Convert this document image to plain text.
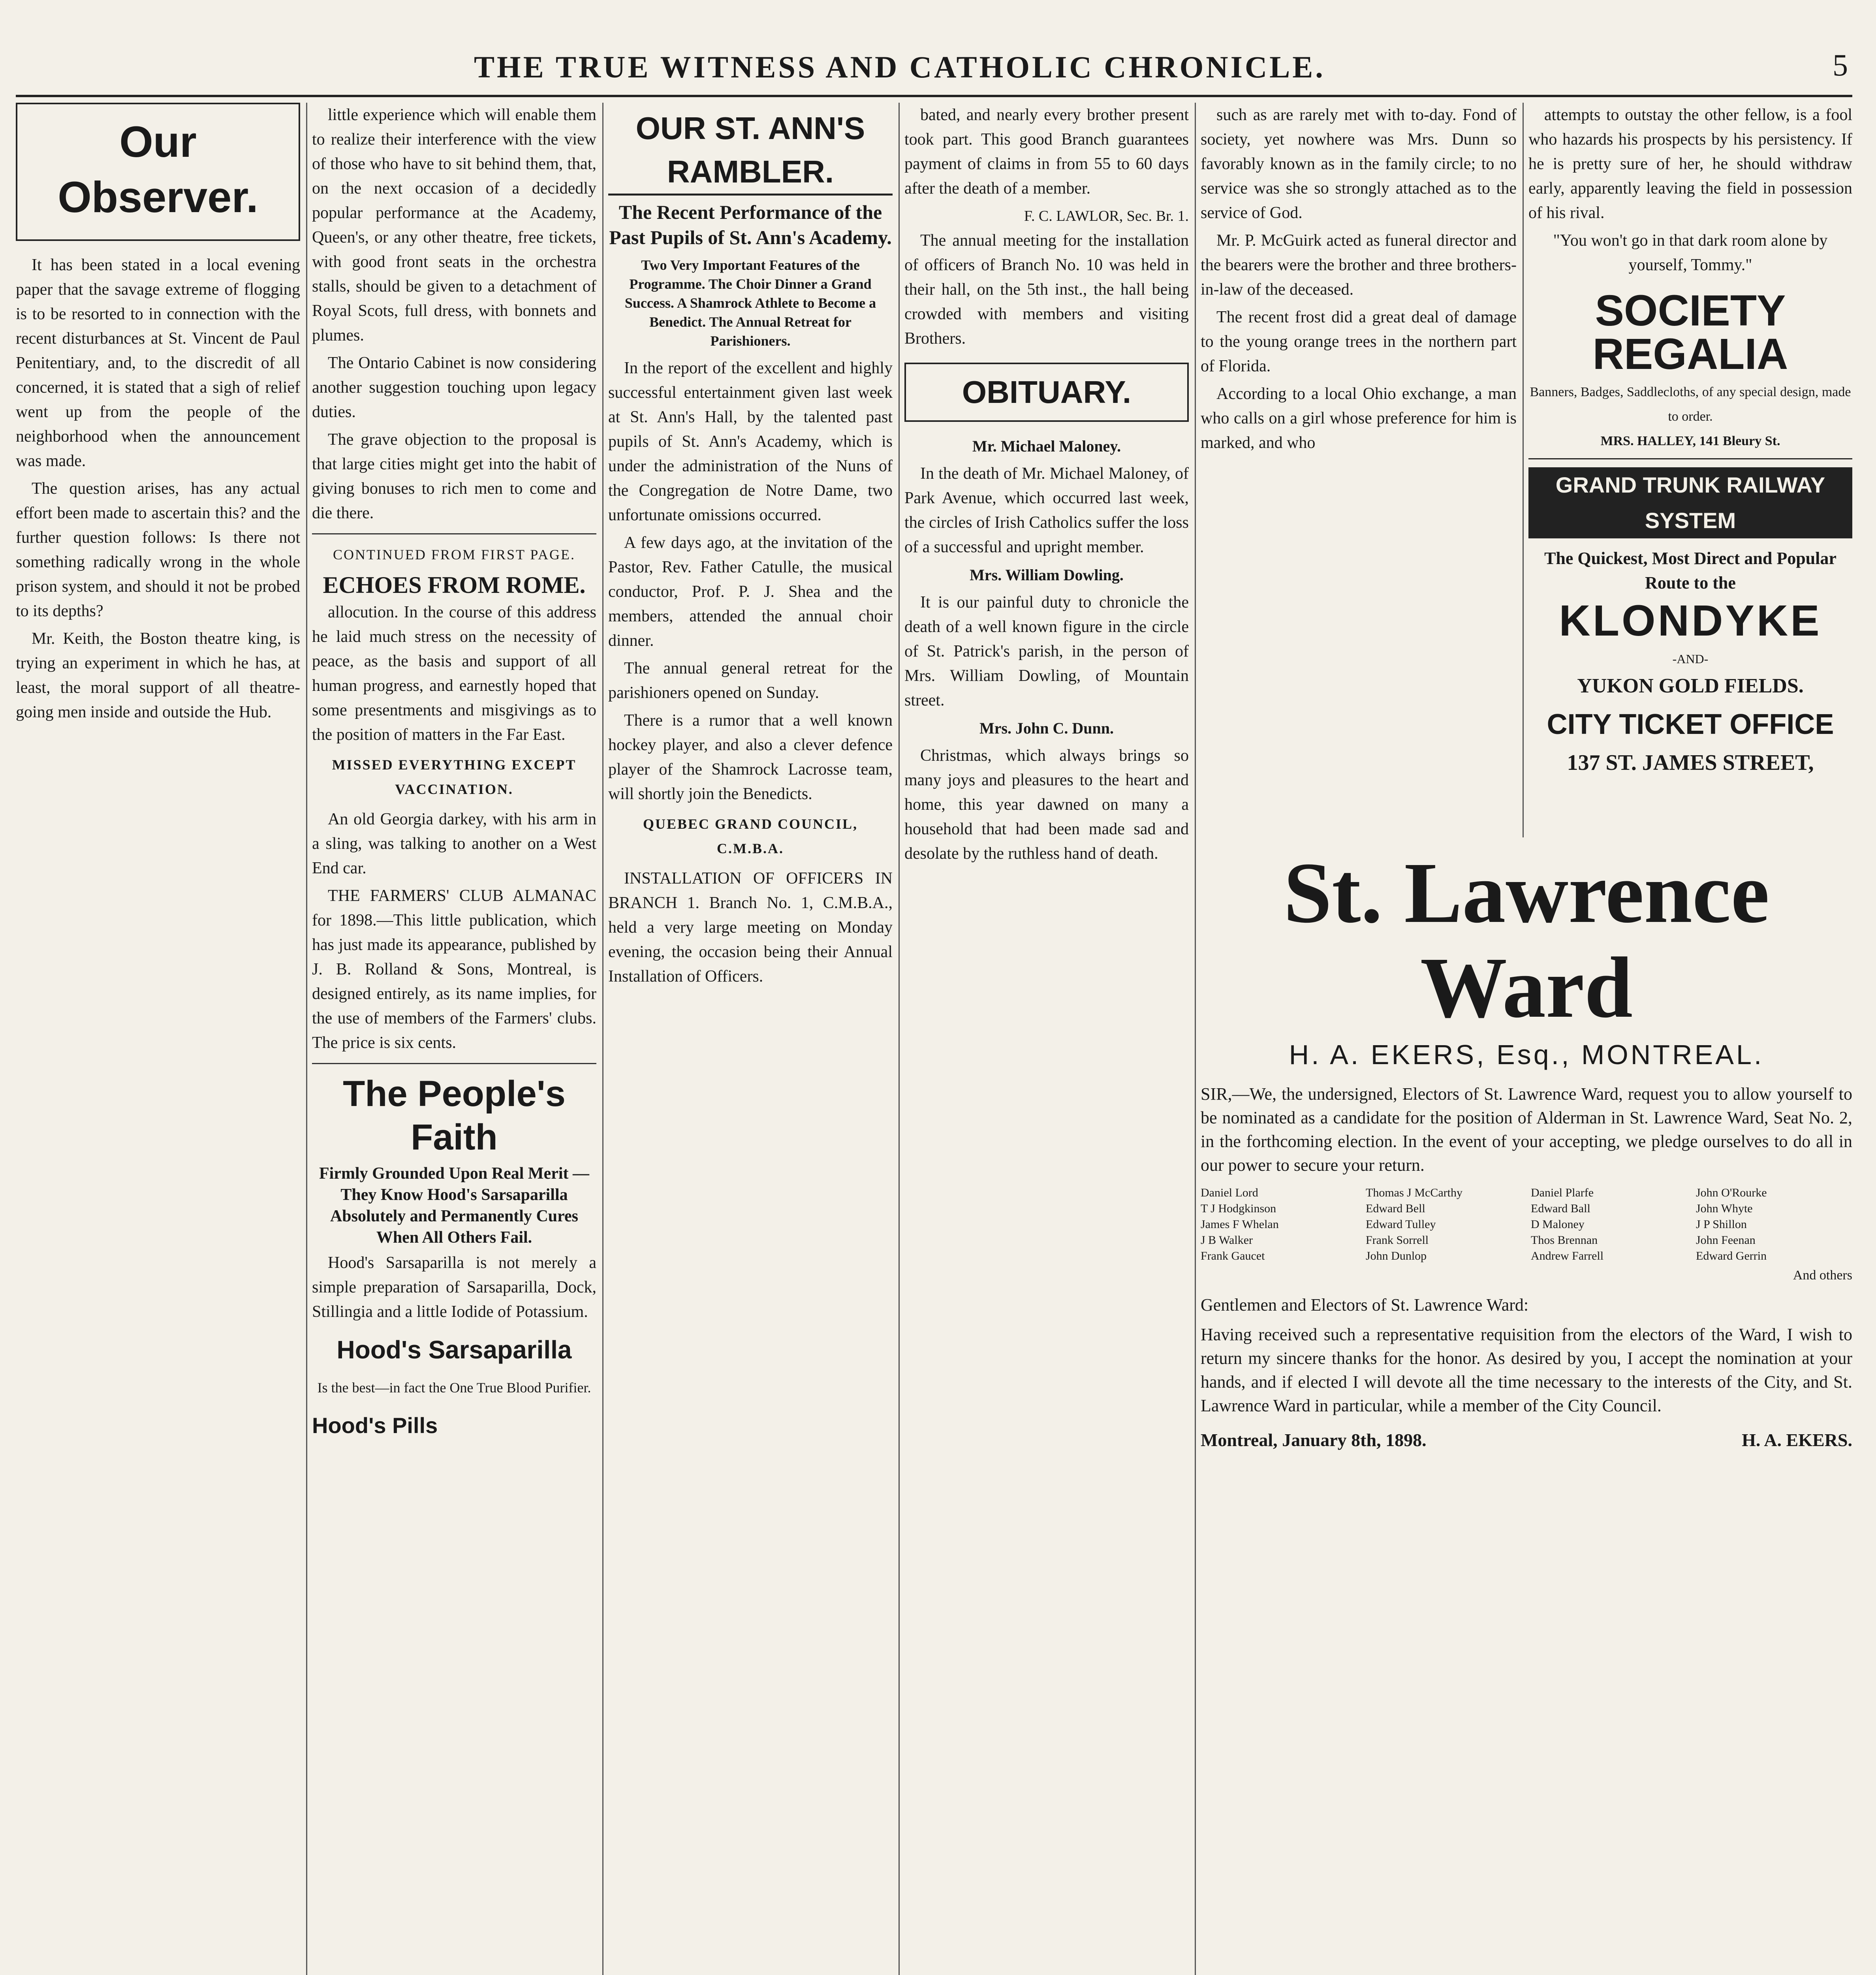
THE TRUE WITNESS AND CATHOLIC CHRONICLE.	5
Our Observer.

It has been stated in a local evening paper that the savage extreme of flogging is to be resorted to in connection with the recent disturbances at St. Vincent de Paul Penitentiary, and, to the discredit of all concerned, it is stated that a sigh of relief went up from the people of the neighborhood when the announcement was made.

The question arises, has any actual effort been made to ascertain this? and the further question follows: Is there not something radically wrong in the whole prison system, and should it not be probed to its depths?

Mr. Keith, the Boston theatre king, is trying an experiment in which he has, at least, the moral support of all theatre-going men inside and outside the Hub.

little experience which will enable them to realize their interference with the view of those who have to sit behind them, that, on the next occasion of a decidedly popular performance at the Academy, Queen's, or any other theatre, free tickets, with good front seats in the orchestra stalls, should be given to a detachment of Royal Scots, full dress, with bonnets and plumes.

The Ontario Cabinet is now considering another suggestion touching upon legacy duties.

The grave objection to the proposal is that large cities might get into the habit of giving bonuses to rich men to come and die there.

CONTINUED FROM FIRST PAGE.
ECHOES FROM ROME.

allocution. In the course of this address he laid much stress on the necessity of peace, as the basis and support of all human progress, and earnestly hoped that some presentments and misgivings as to the position of matters in the Far East.

MISSED EVERYTHING EXCEPT VACCINATION.

An old Georgia darkey, with his arm in a sling, was talking to another on a West End car.

THE FARMERS' CLUB ALMANAC for 1898.—This little publication, which has just made its appearance, published by J. B. Rolland & Sons, Montreal, is designed entirely, as its name implies, for the use of members of the Farmers' clubs. The price is six cents.

The People's Faith
Firmly Grounded Upon Real Merit —They Know Hood's Sarsaparilla Absolutely and Permanently Cures When All Others Fail.

Hood's Sarsaparilla is not merely a simple preparation of Sarsaparilla, Dock, Stillingia and a little Iodide of Potassium.

Hood's Sarsaparilla
Is the best—in fact the One True Blood Purifier.
Hood's Pills
OUR ST. ANN'S RAMBLER.
The Recent Performance of the Past Pupils of St. Ann's Academy.
Two Very Important Features of the Programme. The Choir Dinner a Grand Success. A Shamrock Athlete to Become a Benedict. The Annual Retreat for Parishioners.

In the report of the excellent and highly successful entertainment given last week at St. Ann's Hall, by the talented past pupils of St. Ann's Academy, which is under the administration of the Nuns of the Congregation de Notre Dame, two unfortunate omissions occurred.

A few days ago, at the invitation of the Pastor, Rev. Father Catulle, the musical conductor, Prof. P. J. Shea and the members, attended the annual choir dinner.

The annual general retreat for the parishioners opened on Sunday.

There is a rumor that a well known hockey player, and also a clever defence player of the Shamrock Lacrosse team, will shortly join the Benedicts.

QUEBEC GRAND COUNCIL, C.M.B.A.

INSTALLATION OF OFFICERS IN BRANCH 1. Branch No. 1, C.M.B.A., held a very large meeting on Monday evening, the occasion being their Annual Installation of Officers.

bated, and nearly every brother present took part. This good Branch guarantees payment of claims in from 55 to 60 days after the death of a member.

F. C. LAWLOR, Sec. Br. 1.

The annual meeting for the installation of officers of Branch No. 10 was held in their hall, on the 5th inst., the hall being crowded with members and visiting Brothers.

OBITUARY.
Mr. Michael Maloney.

In the death of Mr. Michael Maloney, of Park Avenue, which occurred last week, the circles of Irish Catholics suffer the loss of a successful and upright member.

Mrs. William Dowling.

It is our painful duty to chronicle the death of a well known figure in the circle of St. Patrick's parish, in the person of Mrs. William Dowling, of Mountain street.

Mrs. John C. Dunn.

Christmas, which always brings so many joys and pleasures to the heart and home, this year dawned on many a household that had been made sad and desolate by the ruthless hand of death.

such as are rarely met with to-day. Fond of society, yet nowhere was Mrs. Dunn so favorably known as in the family circle; to no service was she so strongly attached as to the service of God.

Mr. P. McGuirk acted as funeral director and the bearers were the brother and three brothers-in-law of the deceased.

The recent frost did a great deal of damage to the young orange trees in the northern part of Florida.

According to a local Ohio exchange, a man who calls on a girl whose preference for him is marked, and who

attempts to outstay the other fellow, is a fool who hazards his prospects by his persistency. If he is pretty sure of her, he should withdraw early, apparently leaving the field in possession of his rival.

"You won't go in that dark room alone by yourself, Tommy."

SOCIETY REGALIA
Banners, Badges, Saddlecloths, of any special design, made to order.
MRS. HALLEY, 141 Bleury St.
GRAND TRUNK RAILWAY SYSTEM
The Quickest, Most Direct and Popular Route to the
KLONDYKE
-AND-
YUKON GOLD FIELDS.
CITY TICKET OFFICE
137 ST. JAMES STREET,
St. Lawrence Ward
H. A. EKERS, Esq., MONTREAL.
SIR,—We, the undersigned, Electors of St. Lawrence Ward, request you to allow yourself to be nominated as a candidate for the position of Alderman in St. Lawrence Ward, Seat No. 2, in the forthcoming election. In the event of your accepting, we pledge ourselves to do all in our power to secure your return.
Daniel Lord
T J Hodgkinson
James F Whelan
J B Walker
Frank Gaucet
Thomas J McCarthy
Edward Bell
Edward Tulley
Frank Sorrell
John Dunlop
Daniel Plarfe
Edward Ball
D Maloney
Thos Brennan
Andrew Farrell
John O'Rourke
John Whyte
J P Shillon
John Feenan
Edward Gerrin
And others
Gentlemen and Electors of St. Lawrence Ward:
Having received such a representative requisition from the electors of the Ward, I wish to return my sincere thanks for the honor. As desired by you, I accept the nomination at your hands, and if elected I will devote all the time necessary to the interests of the City, and St. Lawrence Ward in particular, while a member of the City Council.
Montreal, January 8th, 1898.	H. A. EKERS.
